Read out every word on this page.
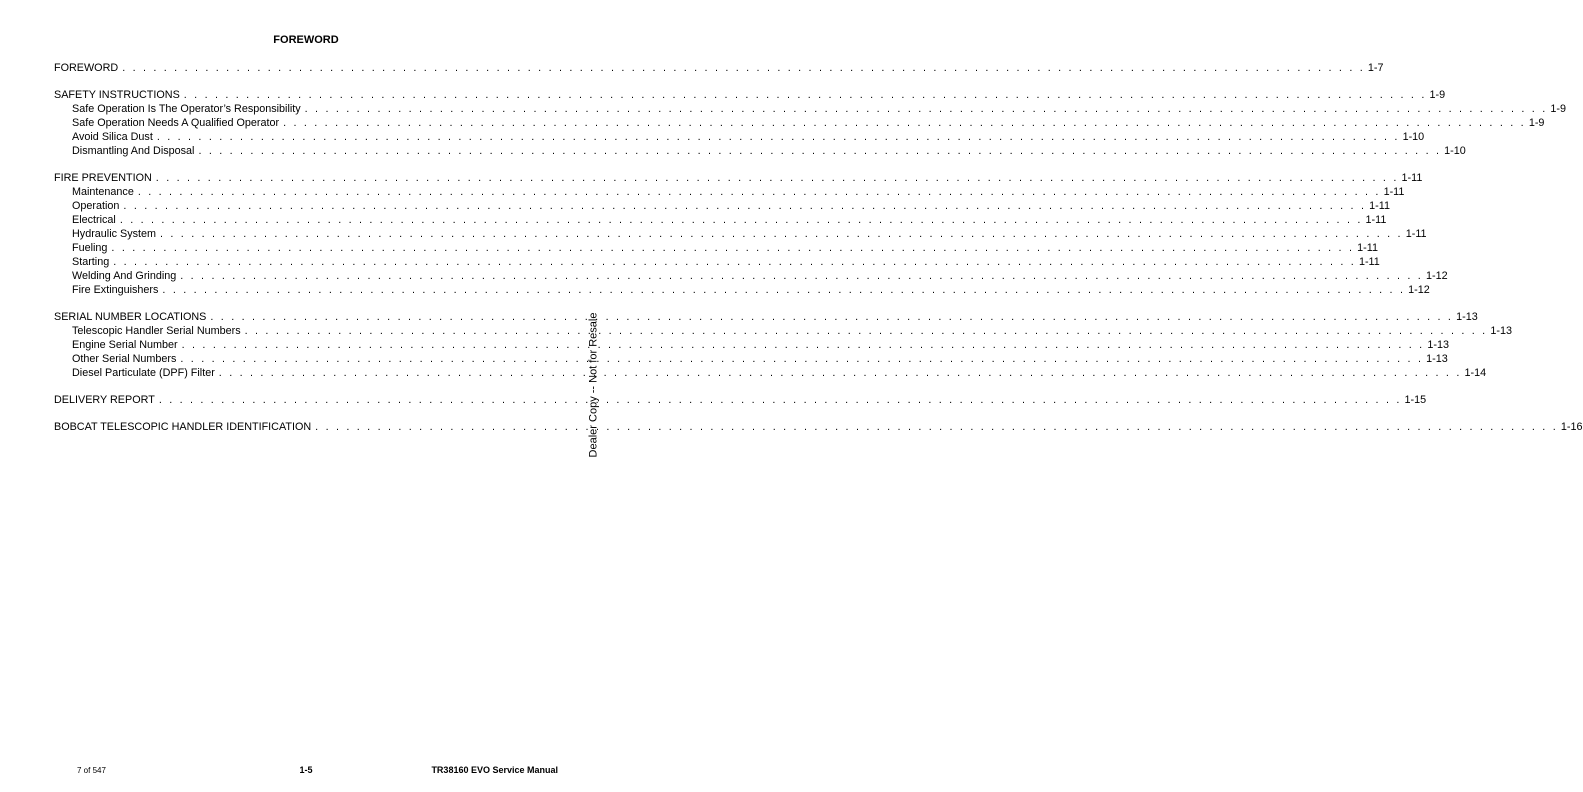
FOREWORD
FOREWORD . . . . . . . . . . . . . . . . . . . . . . . . . . . . . . . . . . . . . . . . . . . . . . . . . . . . . . . . . . . . . . . . . . . . . . . . . . . . . . . . . . . . . . . . . . . . . . . . . . . . . . . . . . . . . . . . . . . . . . . . 1-7
SAFETY INSTRUCTIONS . . . . . . . . . . . . . . . . . . . . . . . . . . . . . . . . . . . . . . . . . . . . . . . . . . . . . . . . . . . . . . . . . . . . . . . . . . . . . . . . . . . . . . . . . . . . . . . . . . . . . . . . . . . . . . . . . . . . . . . . 1-9
Safe Operation Is The Operator’s Responsibility . . . . . . . . . . . . . . . . . . . . . . . . . . . . . . . . . . . . . . . . . . . . . . . . . . . . . . . . . . . . . . . . . . . . . . . . . . . . . . . . . . . . . . . . . . . . . . . . . . . . . . . . . . . . . . . . . . . . . . . . 1-9
Safe Operation Needs A Qualified Operator . . . . . . . . . . . . . . . . . . . . . . . . . . . . . . . . . . . . . . . . . . . . . . . . . . . . . . . . . . . . . . . . . . . . . . . . . . . . . . . . . . . . . . . . . . . . . . . . . . . . . . . . . . . . . . . . . . . . . . . . 1-9
Avoid Silica Dust . . . . . . . . . . . . . . . . . . . . . . . . . . . . . . . . . . . . . . . . . . . . . . . . . . . . . . . . . . . . . . . . . . . . . . . . . . . . . . . . . . . . . . . . . . . . . . . . . . . . . . . . . . . . . . . . . . . . . . . . 1-10
Dismantling And Disposal . . . . . . . . . . . . . . . . . . . . . . . . . . . . . . . . . . . . . . . . . . . . . . . . . . . . . . . . . . . . . . . . . . . . . . . . . . . . . . . . . . . . . . . . . . . . . . . . . . . . . . . . . . . . . . . . . . . . . . . . 1-10
FIRE PREVENTION . . . . . . . . . . . . . . . . . . . . . . . . . . . . . . . . . . . . . . . . . . . . . . . . . . . . . . . . . . . . . . . . . . . . . . . . . . . . . . . . . . . . . . . . . . . . . . . . . . . . . . . . . . . . . . . . . . . . . . . . 1-11
Maintenance . . . . . . . . . . . . . . . . . . . . . . . . . . . . . . . . . . . . . . . . . . . . . . . . . . . . . . . . . . . . . . . . . . . . . . . . . . . . . . . . . . . . . . . . . . . . . . . . . . . . . . . . . . . . . . . . . . . . . . . . 1-11
Operation . . . . . . . . . . . . . . . . . . . . . . . . . . . . . . . . . . . . . . . . . . . . . . . . . . . . . . . . . . . . . . . . . . . . . . . . . . . . . . . . . . . . . . . . . . . . . . . . . . . . . . . . . . . . . . . . . . . . . . . . 1-11
Electrical . . . . . . . . . . . . . . . . . . . . . . . . . . . . . . . . . . . . . . . . . . . . . . . . . . . . . . . . . . . . . . . . . . . . . . . . . . . . . . . . . . . . . . . . . . . . . . . . . . . . . . . . . . . . . . . . . . . . . . . . 1-11
Hydraulic System . . . . . . . . . . . . . . . . . . . . . . . . . . . . . . . . . . . . . . . . . . . . . . . . . . . . . . . . . . . . . . . . . . . . . . . . . . . . . . . . . . . . . . . . . . . . . . . . . . . . . . . . . . . . . . . . . . . . . . . . 1-11
Fueling . . . . . . . . . . . . . . . . . . . . . . . . . . . . . . . . . . . . . . . . . . . . . . . . . . . . . . . . . . . . . . . . . . . . . . . . . . . . . . . . . . . . . . . . . . . . . . . . . . . . . . . . . . . . . . . . . . . . . . . . 1-11
Starting . . . . . . . . . . . . . . . . . . . . . . . . . . . . . . . . . . . . . . . . . . . . . . . . . . . . . . . . . . . . . . . . . . . . . . . . . . . . . . . . . . . . . . . . . . . . . . . . . . . . . . . . . . . . . . . . . . . . . . . . 1-11
Welding And Grinding . . . . . . . . . . . . . . . . . . . . . . . . . . . . . . . . . . . . . . . . . . . . . . . . . . . . . . . . . . . . . . . . . . . . . . . . . . . . . . . . . . . . . . . . . . . . . . . . . . . . . . . . . . . . . . . . . . . . . . . . 1-12
Fire Extinguishers . . . . . . . . . . . . . . . . . . . . . . . . . . . . . . . . . . . . . . . . . . . . . . . . . . . . . . . . . . . . . . . . . . . . . . . . . . . . . . . . . . . . . . . . . . . . . . . . . . . . . . . . . . . . . . . . . . . . . . . . 1-12
SERIAL NUMBER LOCATIONS . . . . . . . . . . . . . . . . . . . . . . . . . . . . . . . . . . . . . . . . . . . . . . . . . . . . . . . . . . . . . . . . . . . . . . . . . . . . . . . . . . . . . . . . . . . . . . . . . . . . . . . . . . . . . . . . . . . . . . . . 1-13
Telescopic Handler Serial Numbers . . . . . . . . . . . . . . . . . . . . . . . . . . . . . . . . . . . . . . . . . . . . . . . . . . . . . . . . . . . . . . . . . . . . . . . . . . . . . . . . . . . . . . . . . . . . . . . . . . . . . . . . . . . . . . . . . . . . . . . . 1-13
Engine Serial Number . . . . . . . . . . . . . . . . . . . . . . . . . . . . . . . . . . . . . . . . . . . . . . . . . . . . . . . . . . . . . . . . . . . . . . . . . . . . . . . . . . . . . . . . . . . . . . . . . . . . . . . . . . . . . . . . . . . . . . . . 1-13
Other Serial Numbers . . . . . . . . . . . . . . . . . . . . . . . . . . . . . . . . . . . . . . . . . . . . . . . . . . . . . . . . . . . . . . . . . . . . . . . . . . . . . . . . . . . . . . . . . . . . . . . . . . . . . . . . . . . . . . . . . . . . . . . . 1-13
Diesel Particulate (DPF) Filter . . . . . . . . . . . . . . . . . . . . . . . . . . . . . . . . . . . . . . . . . . . . . . . . . . . . . . . . . . . . . . . . . . . . . . . . . . . . . . . . . . . . . . . . . . . . . . . . . . . . . . . . . . . . . . . . . . . . . . . . 1-14
DELIVERY REPORT . . . . . . . . . . . . . . . . . . . . . . . . . . . . . . . . . . . . . . . . . . . . . . . . . . . . . . . . . . . . . . . . . . . . . . . . . . . . . . . . . . . . . . . . . . . . . . . . . . . . . . . . . . . . . . . . . . . . . . . . 1-15
BOBCAT TELESCOPIC HANDLER IDENTIFICATION . . . . . . . . . . . . . . . . . . . . . . . . . . . . . . . . . . . . . . . . . . . . . . . . . . . . . . . . . . . . . . . . . . . . . . . . . . . . . . . . . . . . . . . . . . . . . . . . . . . . . . . . . . . . . . . . . . . . . . . . 1-16
Dealer Copy -- Not for Resale
7 of 547	1-5	TR38160 EVO Service Manual
